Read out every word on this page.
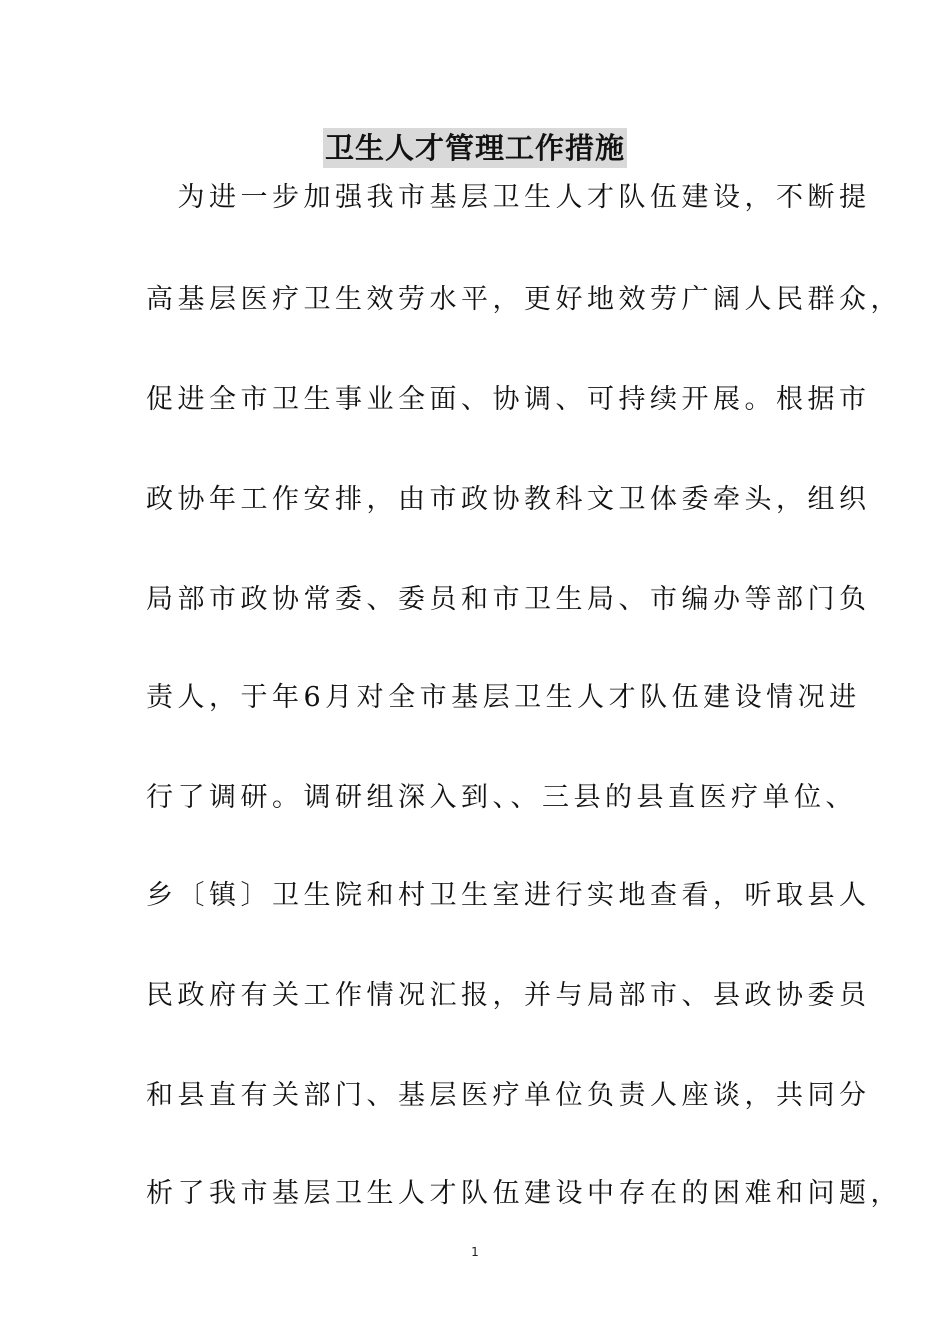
卫生人才管理工作措施
　为进一步加强我市基层卫生人才队伍建设，不断提
高基层医疗卫生效劳水平，更好地效劳广阔人民群众，
促进全市卫生事业全面、协调、可持续开展。根据市
政协年工作安排，由市政协教科文卫体委牵头，组织
局部市政协常委、委员和市卫生局、市编办等部门负
责人，于年6月对全市基层卫生人才队伍建设情况进
行了调研。调研组深入到、、三县的县直医疗单位、
乡〔镇〕卫生院和村卫生室进行实地查看，听取县人
民政府有关工作情况汇报，并与局部市、县政协委员
和县直有关部门、基层医疗单位负责人座谈，共同分
析了我市基层卫生人才队伍建设中存在的困难和问题，
1
